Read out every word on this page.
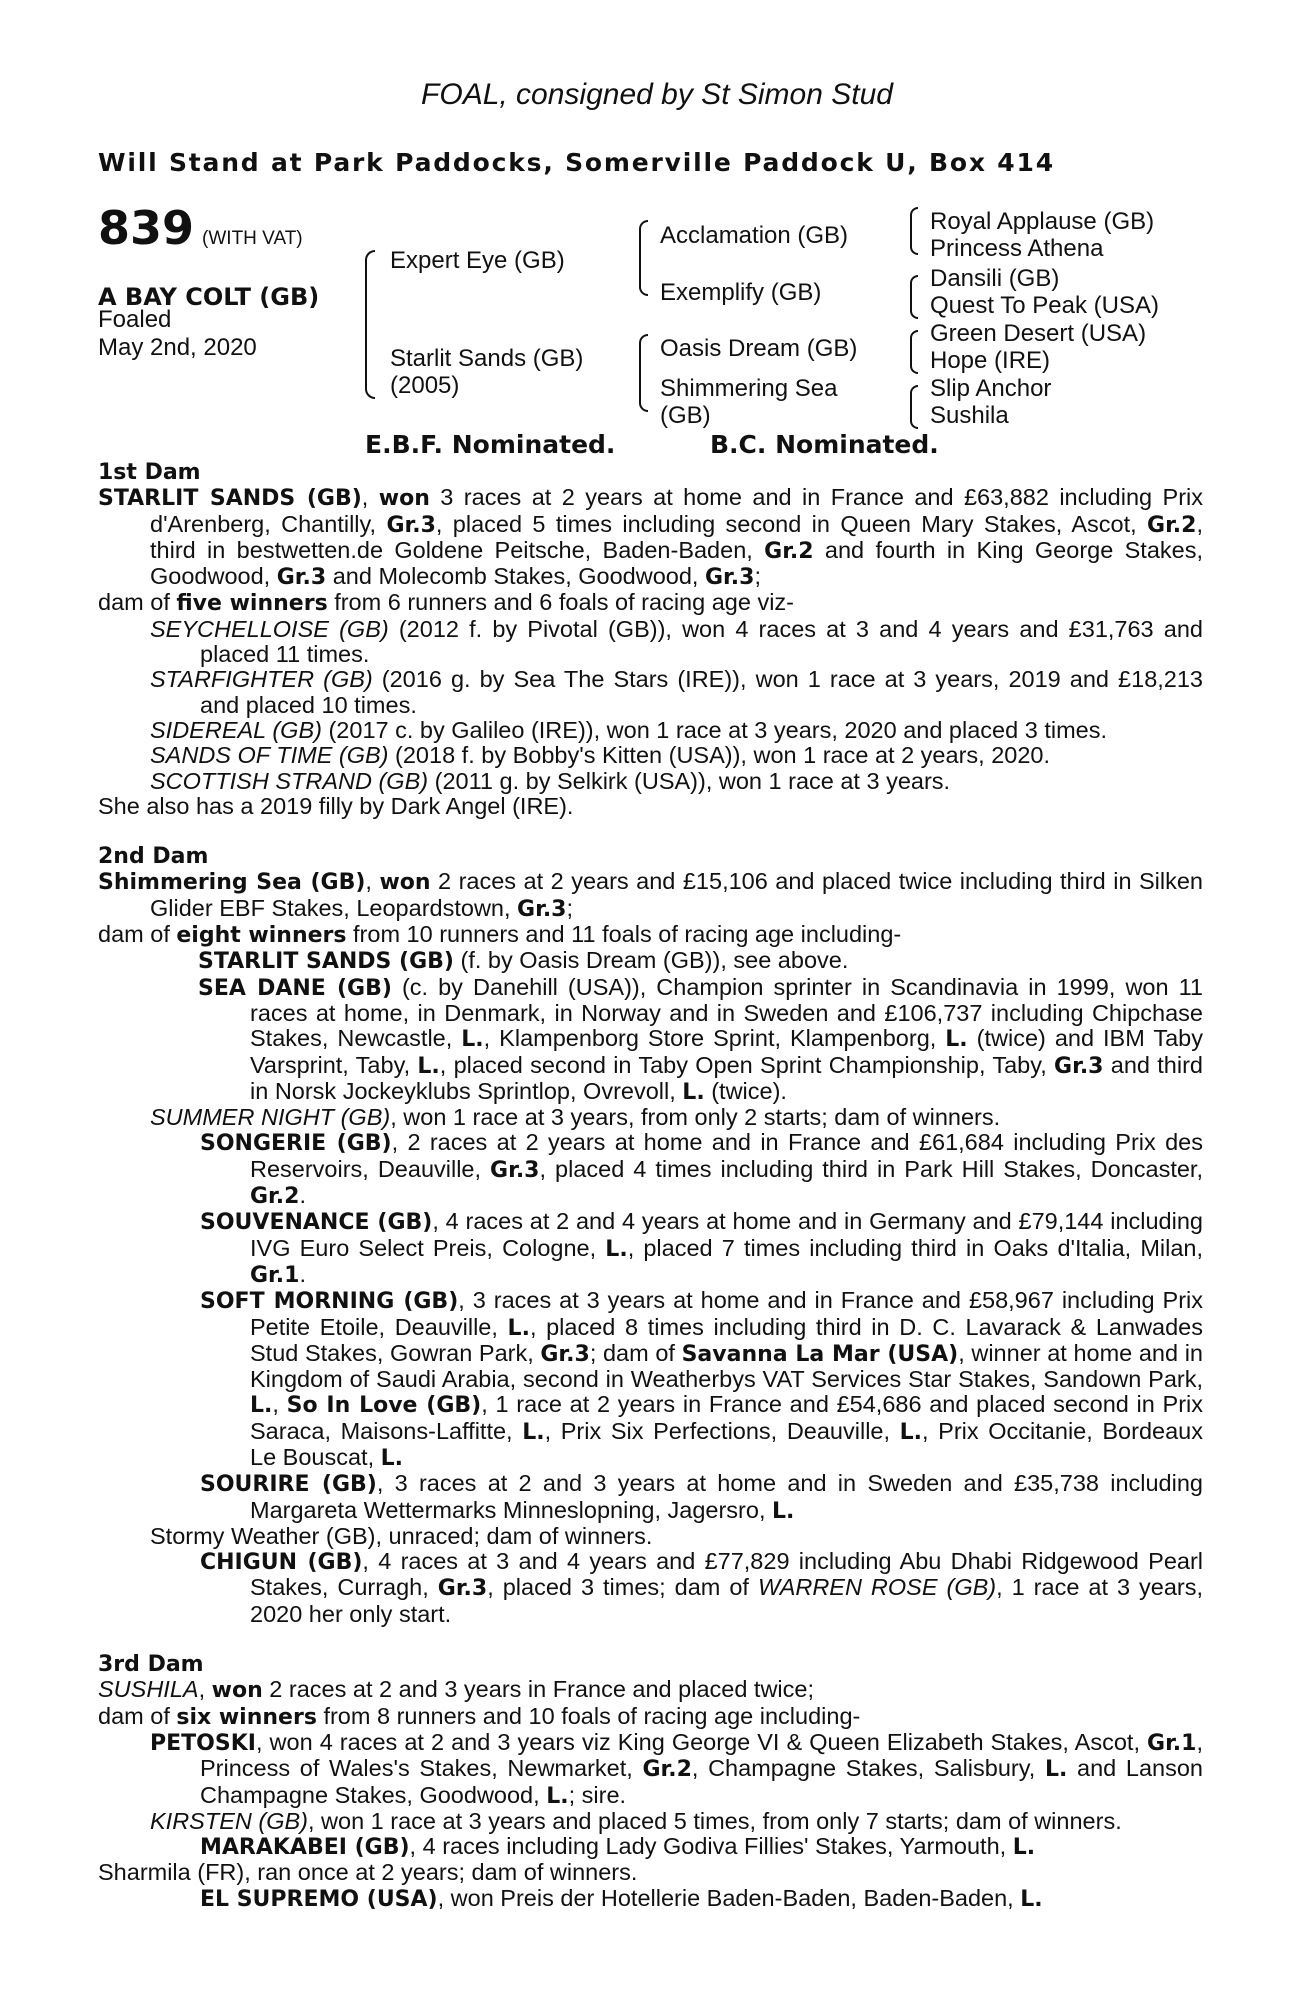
FOAL, consigned by St Simon Stud
Will Stand at Park Paddocks, Somerville Paddock U, Box 414
839 (WITH VAT)
A BAY COLT (GB)
Foaled
May 2nd, 2020
Expert Eye (GB)
Starlit Sands (GB)
(2005)
Acclamation (GB)
Exemplify (GB)
Oasis Dream (GB)
Shimmering Sea
(GB)
Royal Applause (GB)
Princess Athena
Dansili (GB)
Quest To Peak (USA)
Green Desert (USA)
Hope (IRE)
Slip Anchor
Sushila
E.B.F. Nominated.	B.C. Nominated.
1st Dam
STARLIT SANDS (GB), won 3 races at 2 years at home and in France and £63,882 including Prix d'Arenberg, Chantilly, Gr.3, placed 5 times including second in Queen Mary Stakes, Ascot, Gr.2, third in bestwetten.de Goldene Peitsche, Baden-Baden, Gr.2 and fourth in King George Stakes, Goodwood, Gr.3 and Molecomb Stakes, Goodwood, Gr.3;
dam of five winners from 6 runners and 6 foals of racing age viz-
SEYCHELLOISE (GB) (2012 f. by Pivotal (GB)), won 4 races at 3 and 4 years and £31,763 and placed 11 times.
STARFIGHTER (GB) (2016 g. by Sea The Stars (IRE)), won 1 race at 3 years, 2019 and £18,213 and placed 10 times.
SIDEREAL (GB) (2017 c. by Galileo (IRE)), won 1 race at 3 years, 2020 and placed 3 times.
SANDS OF TIME (GB) (2018 f. by Bobby's Kitten (USA)), won 1 race at 2 years, 2020.
SCOTTISH STRAND (GB) (2011 g. by Selkirk (USA)), won 1 race at 3 years.
She also has a 2019 filly by Dark Angel (IRE).
2nd Dam
Shimmering Sea (GB), won 2 races at 2 years and £15,106 and placed twice including third in Silken Glider EBF Stakes, Leopardstown, Gr.3;
dam of eight winners from 10 runners and 11 foals of racing age including-
STARLIT SANDS (GB) (f. by Oasis Dream (GB)), see above.
SEA DANE (GB) (c. by Danehill (USA)), Champion sprinter in Scandinavia in 1999, won 11 races at home, in Denmark, in Norway and in Sweden and £106,737 including Chipchase Stakes, Newcastle, L., Klampenborg Store Sprint, Klampenborg, L. (twice) and IBM Taby Varsprint, Taby, L., placed second in Taby Open Sprint Championship, Taby, Gr.3 and third in Norsk Jockeyklubs Sprintlop, Ovrevoll, L. (twice).
SUMMER NIGHT (GB), won 1 race at 3 years, from only 2 starts; dam of winners.
SONGERIE (GB), 2 races at 2 years at home and in France and £61,684 including Prix des Reservoirs, Deauville, Gr.3, placed 4 times including third in Park Hill Stakes, Doncaster, Gr.2.
SOUVENANCE (GB), 4 races at 2 and 4 years at home and in Germany and £79,144 including IVG Euro Select Preis, Cologne, L., placed 7 times including third in Oaks d'Italia, Milan, Gr.1.
SOFT MORNING (GB), 3 races at 3 years at home and in France and £58,967 including Prix Petite Etoile, Deauville, L., placed 8 times including third in D. C. Lavarack & Lanwades Stud Stakes, Gowran Park, Gr.3; dam of Savanna La Mar (USA), winner at home and in Kingdom of Saudi Arabia, second in Weatherbys VAT Services Star Stakes, Sandown Park, L., So In Love (GB), 1 race at 2 years in France and £54,686 and placed second in Prix Saraca, Maisons-Laffitte, L., Prix Six Perfections, Deauville, L., Prix Occitanie, Bordeaux Le Bouscat, L.
SOURIRE (GB), 3 races at 2 and 3 years at home and in Sweden and £35,738 including Margareta Wettermarks Minneslopning, Jagersro, L.
Stormy Weather (GB), unraced; dam of winners.
CHIGUN (GB), 4 races at 3 and 4 years and £77,829 including Abu Dhabi Ridgewood Pearl Stakes, Curragh, Gr.3, placed 3 times; dam of WARREN ROSE (GB), 1 race at 3 years, 2020 her only start.
3rd Dam
SUSHILA, won 2 races at 2 and 3 years in France and placed twice;
dam of six winners from 8 runners and 10 foals of racing age including-
PETOSKI, won 4 races at 2 and 3 years viz King George VI & Queen Elizabeth Stakes, Ascot, Gr.1, Princess of Wales's Stakes, Newmarket, Gr.2, Champagne Stakes, Salisbury, L. and Lanson Champagne Stakes, Goodwood, L.; sire.
KIRSTEN (GB), won 1 race at 3 years and placed 5 times, from only 7 starts; dam of winners.
MARAKABEI (GB), 4 races including Lady Godiva Fillies' Stakes, Yarmouth, L.
Sharmila (FR), ran once at 2 years; dam of winners.
EL SUPREMO (USA), won Preis der Hotellerie Baden-Baden, Baden-Baden, L.
